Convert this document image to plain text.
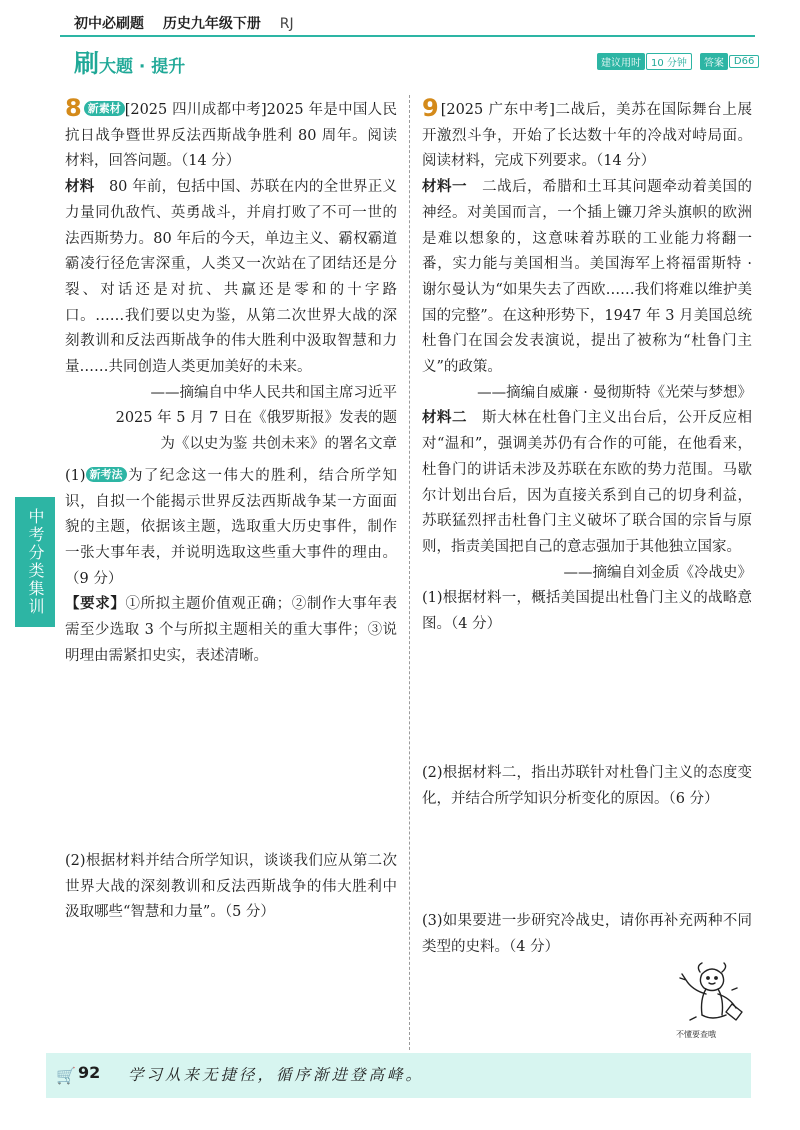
初中必刷题 历史九年级下册 RJ
刷大题 · 提升	建议用时	10 分钟	答案	D66
中考分类集训

8 新素材 [2025 四川成都中考]2025 年是中国人民抗日战争暨世界反法西斯战争胜利 80 周年。阅读材料，回答问题。（14 分）

材料  80 年前，包括中国、苏联在内的全世界正义力量同仇敌忾、英勇战斗，并肩打败了不可一世的法西斯势力。80 年后的今天，单边主义、霸权霸道霸凌行径危害深重，人类又一次站在了团结还是分裂、对话还是对抗、共赢还是零和的十字路口。……我们要以史为鉴，从第二次世界大战的深刻教训和反法西斯战争的伟大胜利中汲取智慧和力量……共同创造人类更加美好的未来。

——摘编自中华人民共和国主席习近平

2025 年 5 月 7 日在《俄罗斯报》发表的题

为《以史为鉴 共创未来》的署名文章

(1) 新考法 为了纪念这一伟大的胜利，结合所学知识，自拟一个能揭示世界反法西斯战争某一方面面貌的主题，依据该主题，选取重大历史事件，制作一张大事年表，并说明选取这些重大事件的理由。（9 分）

【要求】①所拟主题价值观正确；②制作大事年表需至少选取 3 个与所拟主题相关的重大事件；③说明理由需紧扣史实，表述清晰。

(2)根据材料并结合所学知识，谈谈我们应从第二次世界大战的深刻教训和反法西斯战争的伟大胜利中汲取哪些“智慧和力量”。（5 分）

9 [2025 广东中考]二战后，美苏在国际舞台上展开激烈斗争，开始了长达数十年的冷战对峙局面。阅读材料，完成下列要求。（14 分）

材料一  二战后，希腊和土耳其问题牵动着美国的神经。对美国而言，一个插上镰刀斧头旗帜的欧洲是难以想象的，这意味着苏联的工业能力将翻一番，实力能与美国相当。美国海军上将福雷斯特 · 谢尔曼认为“如果失去了西欧……我们将难以维护美国的完整”。在这种形势下，1947 年 3 月美国总统杜鲁门在国会发表演说，提出了被称为“杜鲁门主义”的政策。

——摘编自威廉 · 曼彻斯特《光荣与梦想》

材料二  斯大林在杜鲁门主义出台后，公开反应相对“温和”，强调美苏仍有合作的可能，在他看来，杜鲁门的讲话未涉及苏联在东欧的势力范围。马歇尔计划出台后，因为直接关系到自己的切身利益，苏联猛烈抨击杜鲁门主义破坏了联合国的宗旨与原则，指责美国把自己的意志强加于其他独立国家。

——摘编自刘金质《冷战史》

(1)根据材料一，概括美国提出杜鲁门主义的战略意图。（4 分）

(2)根据材料二，指出苏联针对杜鲁门主义的态度变化，并结合所学知识分析变化的原因。（6 分）
(3)如果要进一步研究冷战史，请你再补充两种不同类型的史料。（4 分）
不懂要查哦
🛒 92 学习从来无捷径，循序渐进登高峰。
